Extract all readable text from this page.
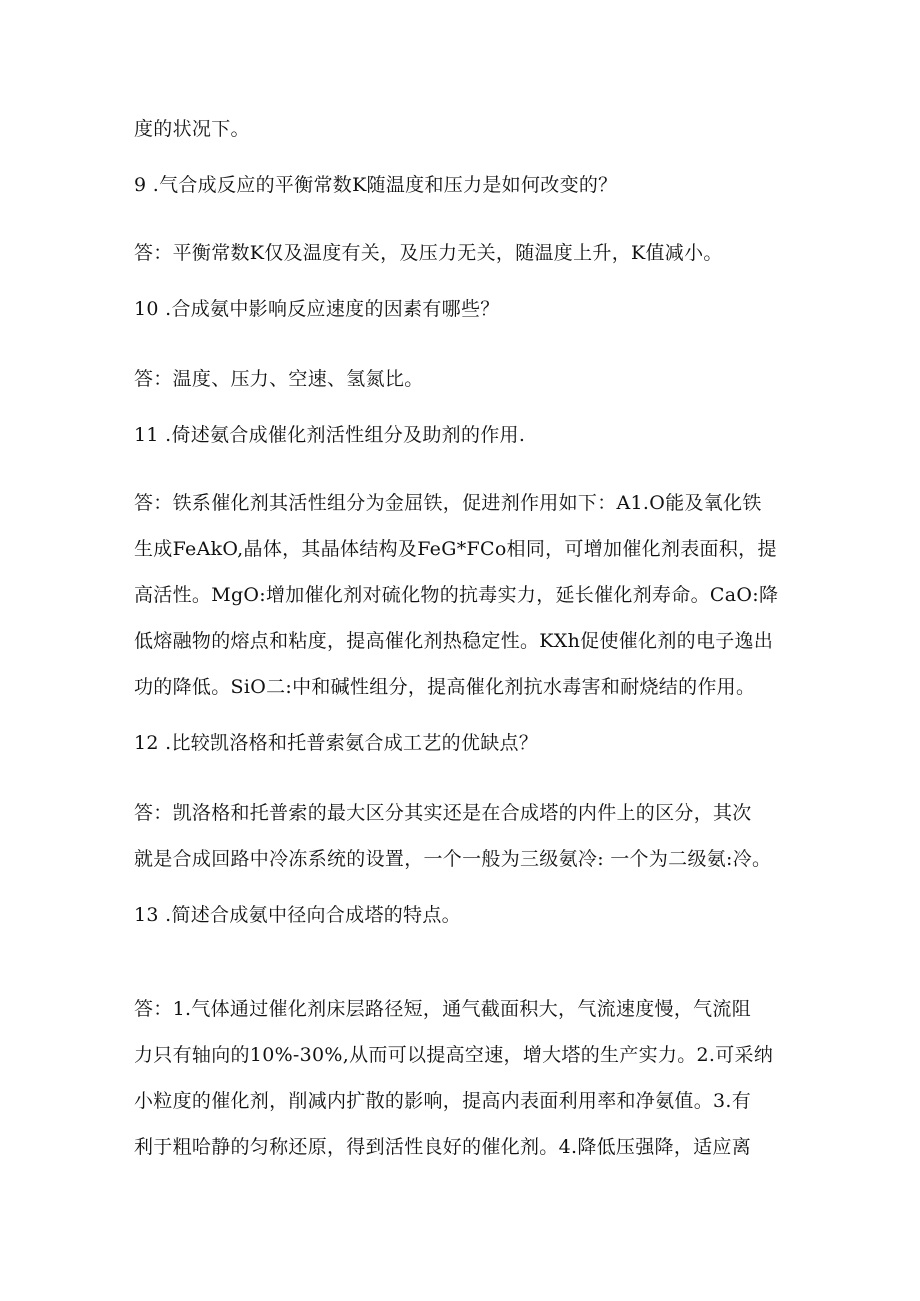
度的状况下。
9 .气合成反应的平衡常数K随温度和压力是如何改变的？
答：平衡常数K仅及温度有关，及压力无关，随温度上升，K值减小。
10 .合成氨中影响反应速度的因素有哪些？
答：温度、压力、空速、氢氮比。
11 .倚述氨合成催化剂活性组分及助剂的作用.
答：铁系催化剂其活性组分为金屈铁，促进剂作用如下：A1.O能及氧化铁
生成FeAkO,晶体，其晶体结构及FeG*FCo相同，可增加催化剂表面积，提
高活性。MgO:增加催化剂对硫化物的抗毒实力，延长催化剂寿命。CaO:降
低熔融物的熔点和粘度，提高催化剂热稳定性。KXh促使催化剂的电子逸出
功的降低。SiO二:中和碱性组分，提高催化剂抗水毒害和耐烧结的作用。
12 .比较凯洛格和托普索氨合成工艺的优缺点？
答：凯洛格和托普索的最大区分其实还是在合成塔的内件上的区分，其次
就是合成回路中冷冻系统的设置，一个一般为三级氨冷: 一个为二级氨:冷。
13 .简述合成氨中径向合成塔的特点。
答：1.气体通过催化剂床层路径短，通气截面积大，气流速度慢，气流阻
力只有轴向的10%-30%,从而可以提高空速，增大塔的生产实力。2.可采纳
小粒度的催化剂，削减内扩散的影响，提高内表面利用率和净氨值。3.有
利于粗哈静的匀称还原，得到活性良好的催化剂。4.降低压强降，适应离
